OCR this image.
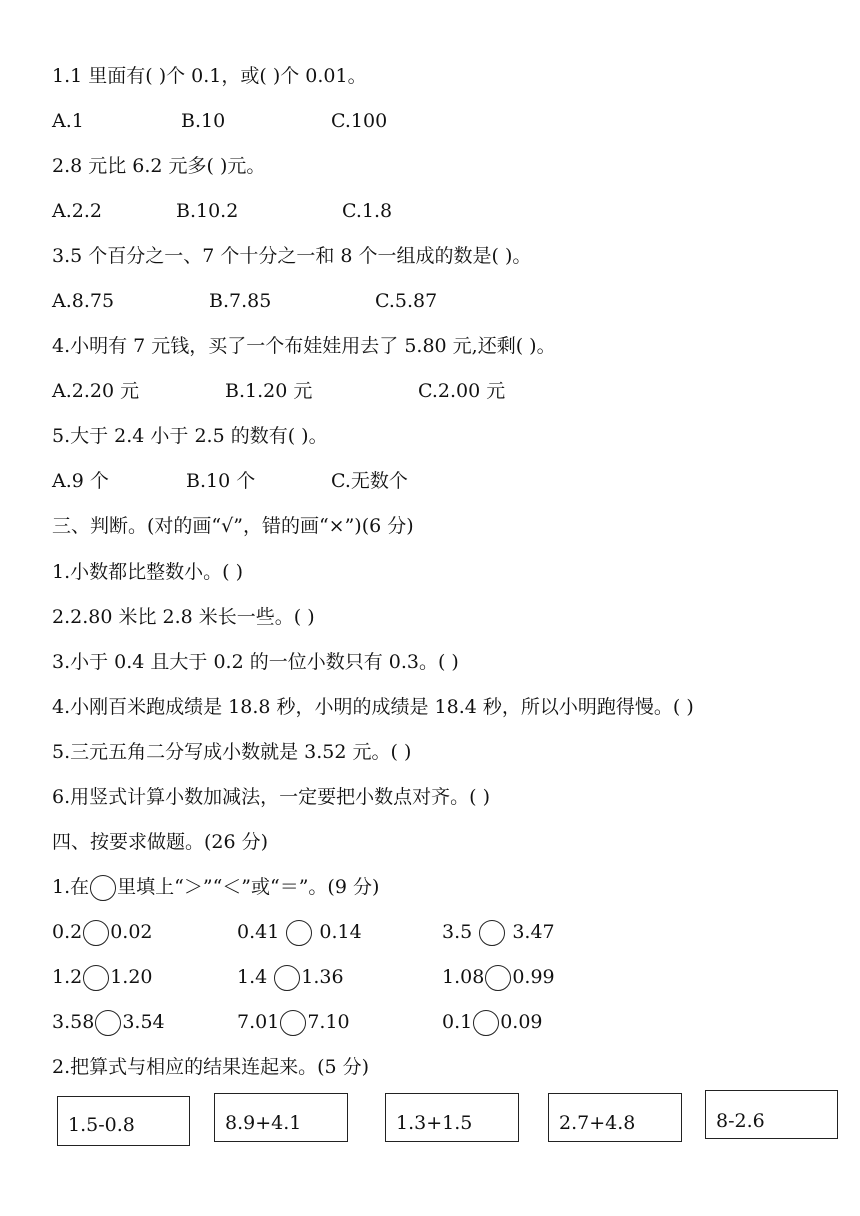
1.1 里面有( )个 0.1，或( )个 0.01。
A.1	B.10	C.100
2.8 元比 6.2 元多( )元。
A.2.2	B.10.2	C.1.8
3.5 个百分之一、7 个十分之一和 8 个一组成的数是( )。
A.8.75	B.7.85	C.5.87
4.小明有 7 元钱，买了一个布娃娃用去了 5.80 元,还剩( )。
A.2.20 元	B.1.20 元	C.2.00 元
5.大于 2.4 小于 2.5 的数有( )。
A.9 个	B.10 个	C.无数个
三、判断。(对的画“√”，错的画“×”)(6 分)
1.小数都比整数小。( )
2.2.80 米比 2.8 米长一些。( )
3.小于 0.4 且大于 0.2 的一位小数只有 0.3。( )
4.小刚百米跑成绩是 18.8 秒，小明的成绩是 18.4 秒，所以小明跑得慢。( )
5.三元五角二分写成小数就是 3.52 元。( )
6.用竖式计算小数加减法，一定要把小数点对齐。( )
四、按要求做题。(26 分)
1.在 里填上“＞”“＜”或“＝”。(9 分)
0.2 0.02	0.41 0.14	3.5 3.47
1.2 1.20	1.4 1.36	1.08 0.99
3.58 3.54	7.01 7.10	0.1 0.09
2.把算式与相应的结果连起来。(5 分)
1.5-0.8	8.9+4.1	1.3+1.5	2.7+4.8	8-2.6
